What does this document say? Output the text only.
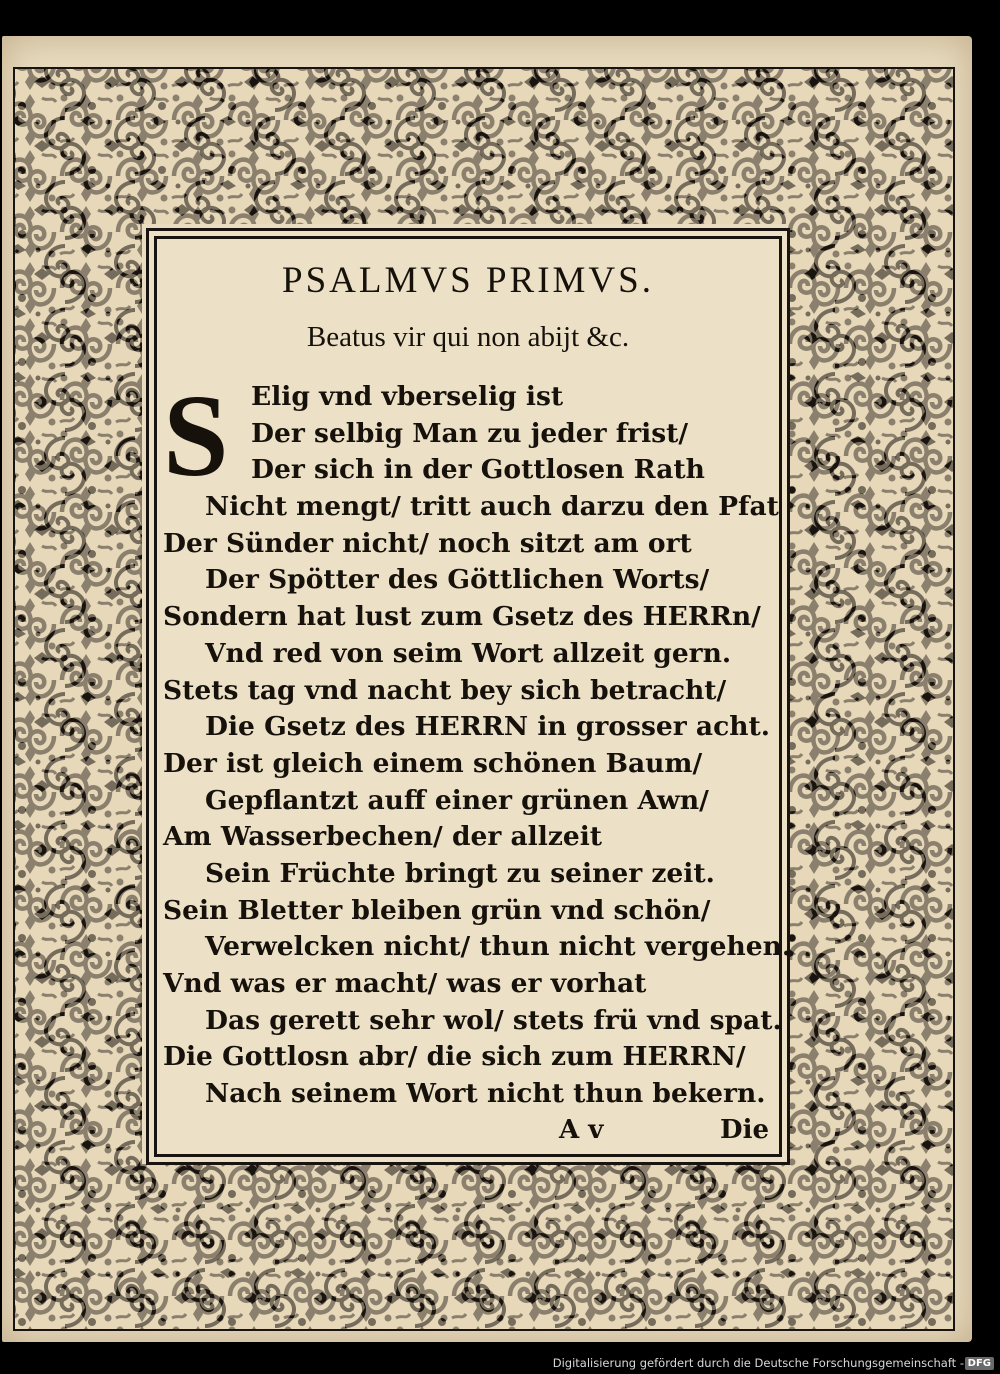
PSALMVS PRIMVS.
Beatus vir qui non abijt &c.
S Elig vnd vberselig ist
Der selbig Man zu jeder frist/
Der sich in der Gottlosen Rath
Nicht mengt/ tritt auch darzu den Pfat
Der Sünder nicht/ noch sitzt am ort
Der Spötter des Göttlichen Worts/
Sondern hat lust zum Gsetz des HERRn/
Vnd red von seim Wort allzeit gern.
Stets tag vnd nacht bey sich betracht/
Die Gsetz des HERRN in grosser acht.
Der ist gleich einem schönen Baum/
Gepflantzt auff einer grünen Awn/
Am Wasserbechen/ der allzeit
Sein Früchte bringt zu seiner zeit.
Sein Bletter bleiben grün vnd schön/
Verwelcken nicht/ thun nicht vergehen.
Vnd was er macht/ was er vorhat
Das gerett sehr wol/ stets frü vnd spat.
Die Gottlosn abr/ die sich zum HERRN/
Nach seinem Wort nicht thun bekern.
A v	Die
Digitalisierung gefördert durch die Deutsche Forschungsgemeinschaft - DFG
